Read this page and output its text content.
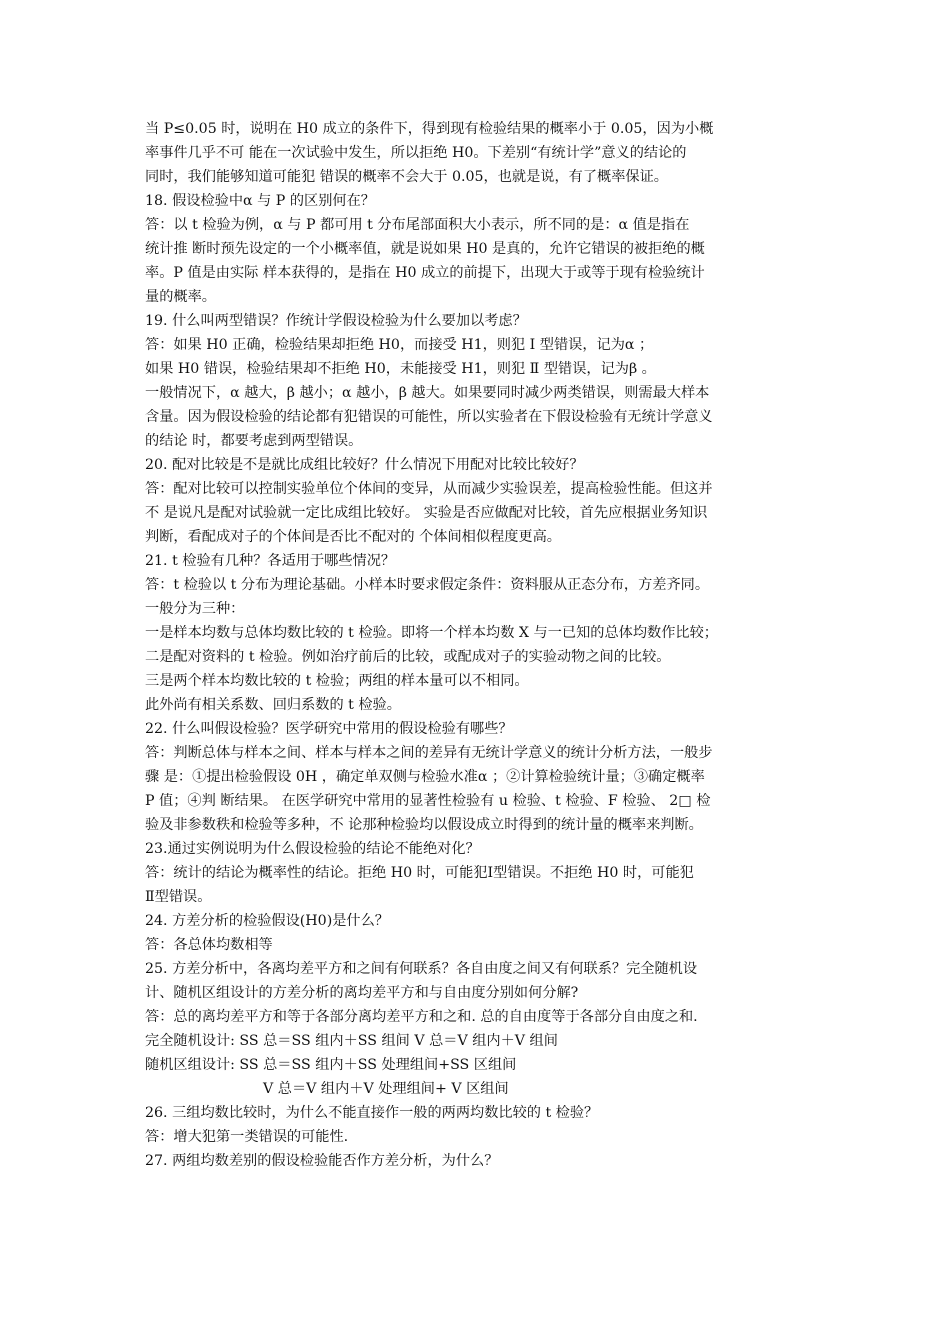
当 P≤0.05 时，说明在 H0 成立的条件下，得到现有检验结果的概率小于 0.05，因为小概
率事件几乎不可 能在一次试验中发生，所以拒绝 H0。下差别“有统计学”意义的结论的
同时，我们能够知道可能犯 错误的概率不会大于 0.05，也就是说，有了概率保证。
18. 假设检验中α 与 P 的区别何在？
答：以 t 检验为例，α 与 P 都可用 t 分布尾部面积大小表示，所不同的是：α 值是指在
统计推 断时预先设定的一个小概率值，就是说如果 H0 是真的，允许它错误的被拒绝的概
率。P 值是由实际 样本获得的，是指在 H0 成立的前提下，出现大于或等于现有检验统计
量的概率。
19. 什么叫两型错误？作统计学假设检验为什么要加以考虑？
答：如果 H0 正确，检验结果却拒绝 H0，而接受 H1，则犯 I 型错误，记为α ；
如果 H0 错误，检验结果却不拒绝 H0，未能接受 H1，则犯 Ⅱ 型错误，记为β 。
一般情况下，α 越大，β 越小；α 越小，β 越大。如果要同时减少两类错误，则需最大样本
含量。因为假设检验的结论都有犯错误的可能性，所以实验者在下假设检验有无统计学意义
的结论 时，都要考虑到两型错误。
20. 配对比较是不是就比成组比较好？什么情况下用配对比较比较好？
答：配对比较可以控制实验单位个体间的变异，从而减少实验误差，提高检验性能。但这并
不 是说凡是配对试验就一定比成组比较好。 实验是否应做配对比较，首先应根据业务知识
判断，看配成对子的个体间是否比不配对的 个体间相似程度更高。
21. t 检验有几种？各适用于哪些情况？
答：t 检验以 t 分布为理论基础。小样本时要求假定条件：资料服从正态分布，方差齐同。
一般分为三种：
一是样本均数与总体均数比较的 t 检验。即将一个样本均数 X 与一已知的总体均数作比较；
二是配对资料的 t 检验。例如治疗前后的比较，或配成对子的实验动物之间的比较。
三是两个样本均数比较的 t 检验；两组的样本量可以不相同。
此外尚有相关系数、回归系数的 t 检验。
22. 什么叫假设检验？医学研究中常用的假设检验有哪些？
答：判断总体与样本之间、样本与样本之间的差异有无统计学意义的统计分析方法，一般步
骤 是：①提出检验假设 0H ，确定单双侧与检验水准α ；②计算检验统计量；③确定概率
P 值；④判 断结果。 在医学研究中常用的显著性检验有 u 检验、t 检验、F 检验、 2□ 检
验及非参数秩和检验等多种，不 论那种检验均以假设成立时得到的统计量的概率来判断。
23.通过实例说明为什么假设检验的结论不能绝对化？
答：统计的结论为概率性的结论。拒绝 H0 时，可能犯Ⅰ型错误。不拒绝 H0 时，可能犯
Ⅱ型错误。
24. 方差分析的检验假设(H0)是什么？
答：各总体均数相等
25. 方差分析中，各离均差平方和之间有何联系？各自由度之间又有何联系？完全随机设
计、随机区组设计的方差分析的离均差平方和与自由度分别如何分解?
答：总的离均差平方和等于各部分离均差平方和之和. 总的自由度等于各部分自由度之和.
完全随机设计: SS 总＝SS 组内＋SS 组间 V 总＝V 组内＋V 组间
随机区组设计: SS 总＝SS 组内＋SS 处理组间+SS 区组间
V 总＝V 组内＋V 处理组间+ V 区组间
26. 三组均数比较时，为什么不能直接作一般的两两均数比较的 t 检验？
答：增大犯第一类错误的可能性.
27. 两组均数差别的假设检验能否作方差分析，为什么？
